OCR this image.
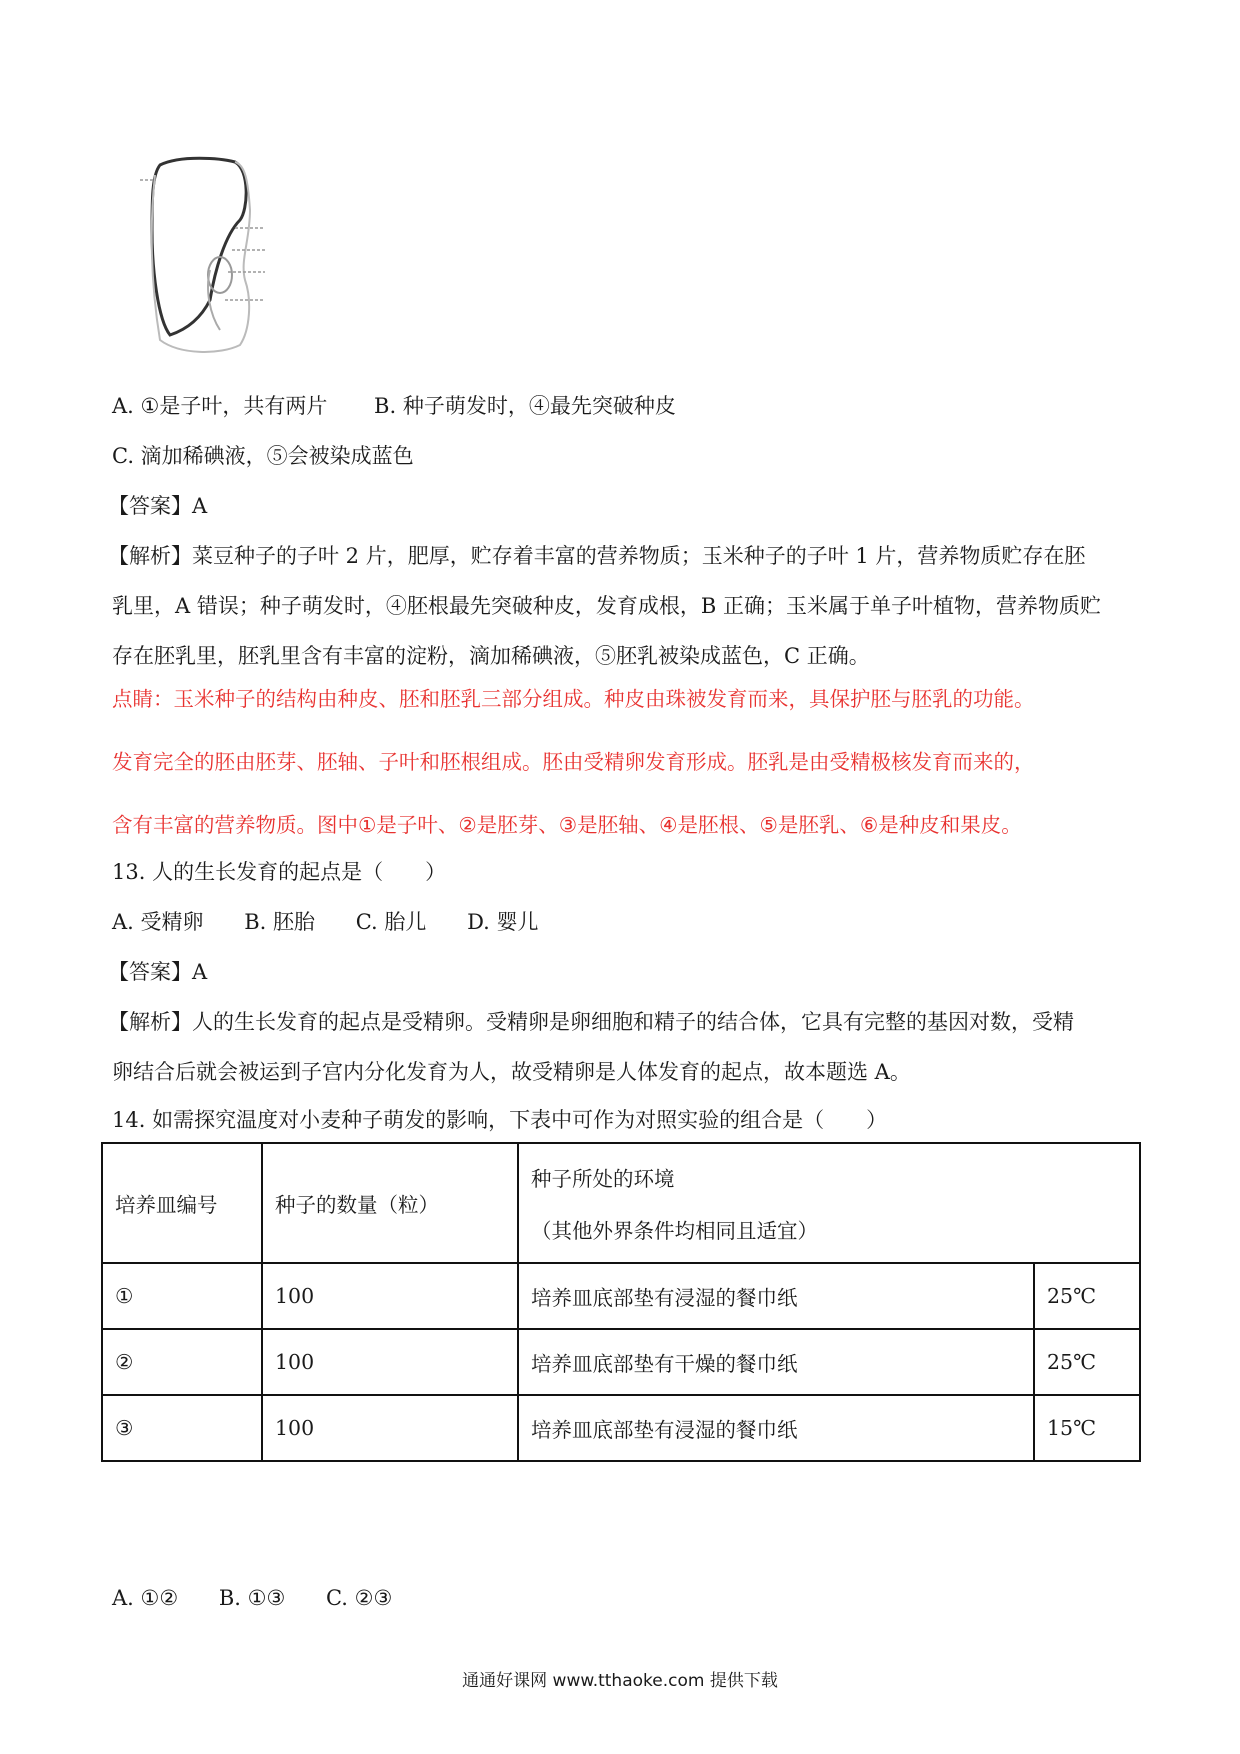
A. ①是子叶，共有两片 B. 种子萌发时，④最先突破种皮
C. 滴加稀碘液，⑤会被染成蓝色
【答案】A
【解析】菜豆种子的子叶 2 片，肥厚，贮存着丰富的营养物质；玉米种子的子叶 1 片，营养物质贮存在胚
乳里，A 错误；种子萌发时，④胚根最先突破种皮，发育成根，B 正确；玉米属于单子叶植物，营养物质贮
存在胚乳里，胚乳里含有丰富的淀粉，滴加稀碘液，⑤胚乳被染成蓝色，C 正确。
点睛：玉米种子的结构由种皮、胚和胚乳三部分组成。种皮由珠被发育而来，具保护胚与胚乳的功能。
发育完全的胚由胚芽、胚轴、子叶和胚根组成。胚由受精卵发育形成。胚乳是由受精极核发育而来的，
含有丰富的营养物质。图中①是子叶、②是胚芽、③是胚轴、④是胚根、⑤是胚乳、⑥是种皮和果皮。
13. 人的生长发育的起点是（　　）
A. 受精卵 B. 胚胎 C. 胎儿 D. 婴儿
【答案】A
【解析】人的生长发育的起点是受精卵。受精卵是卵细胞和精子的结合体，它具有完整的基因对数，受精
卵结合后就会被运到子宫内分化发育为人，故受精卵是人体发育的起点，故本题选 A。
14. 如需探究温度对小麦种子萌发的影响，下表中可作为对照实验的组合是（　　）
培养皿编号	种子的数量（粒）	种子所处的环境
（其他外界条件均相同且适宜）	

①	100	培养皿底部垫有浸湿的餐巾纸	25℃
②	100	培养皿底部垫有干燥的餐巾纸	25℃
③	100	培养皿底部垫有浸湿的餐巾纸	15℃
A. ①② B. ①③ C. ②③
通通好课网 www.tthaoke.com 提供下载
